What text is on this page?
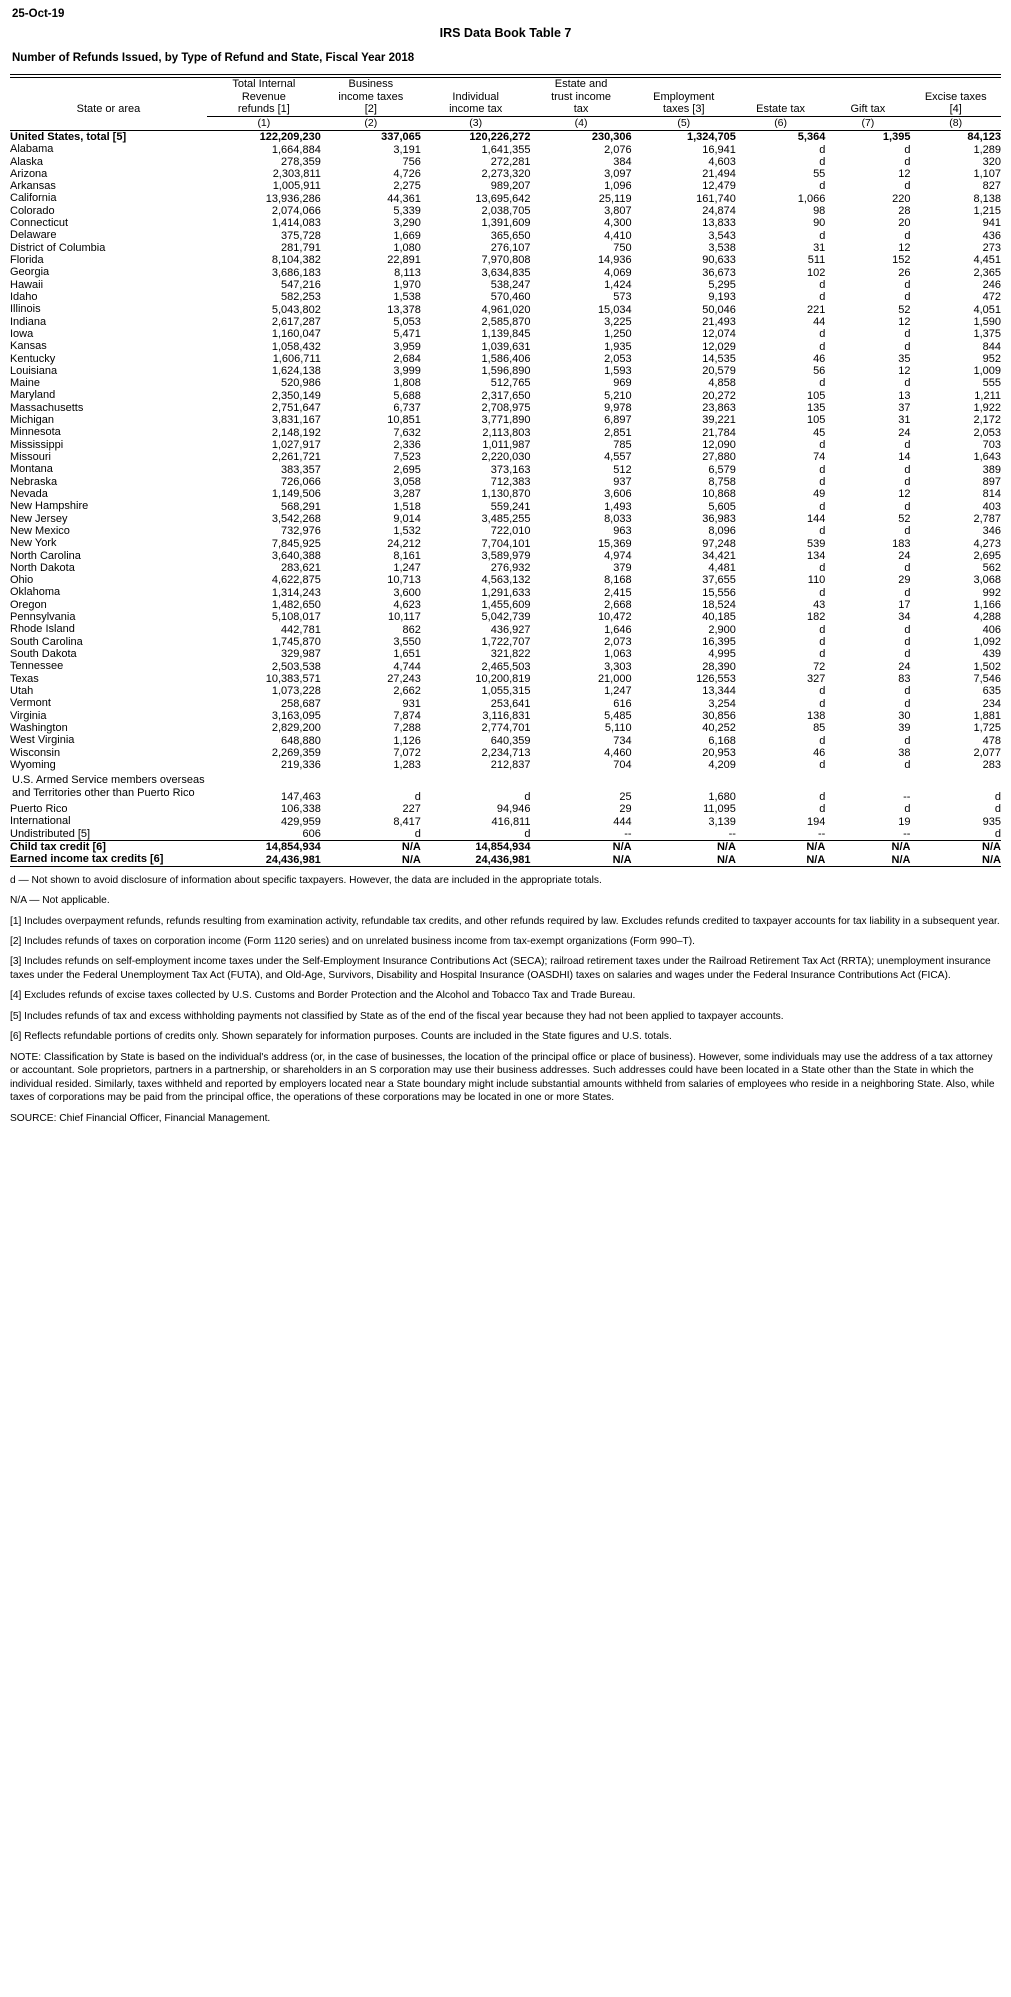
25-Oct-19
IRS Data Book Table 7
Number of Refunds Issued, by Type of Refund and State, Fiscal Year 2018

State or area	Total Internal
Revenue
refunds [1]	Business
income taxes
[2]	Individual
income tax	Estate and
trust income
tax	Employment
taxes [3]	Estate tax	Gift tax	Excise taxes
[4]

	(1)	(2)	(3)	(4)	(5)	(6)	(7)	(8)

United States, total [5]	122,209,230	337,065	120,226,272	230,306	1,324,705	5,364	1,395	84,123
Alabama	1,664,884	3,191	1,641,355	2,076	16,941	d	d	1,289
Alaska	278,359	756	272,281	384	4,603	d	d	320
Arizona	2,303,811	4,726	2,273,320	3,097	21,494	55	12	1,107
Arkansas	1,005,911	2,275	989,207	1,096	12,479	d	d	827
California	13,936,286	44,361	13,695,642	25,119	161,740	1,066	220	8,138
Colorado	2,074,066	5,339	2,038,705	3,807	24,874	98	28	1,215
Connecticut	1,414,083	3,290	1,391,609	4,300	13,833	90	20	941
Delaware	375,728	1,669	365,650	4,410	3,543	d	d	436
District of Columbia	281,791	1,080	276,107	750	3,538	31	12	273
Florida	8,104,382	22,891	7,970,808	14,936	90,633	511	152	4,451
Georgia	3,686,183	8,113	3,634,835	4,069	36,673	102	26	2,365
Hawaii	547,216	1,970	538,247	1,424	5,295	d	d	246
Idaho	582,253	1,538	570,460	573	9,193	d	d	472
Illinois	5,043,802	13,378	4,961,020	15,034	50,046	221	52	4,051
Indiana	2,617,287	5,053	2,585,870	3,225	21,493	44	12	1,590
Iowa	1,160,047	5,471	1,139,845	1,250	12,074	d	d	1,375
Kansas	1,058,432	3,959	1,039,631	1,935	12,029	d	d	844
Kentucky	1,606,711	2,684	1,586,406	2,053	14,535	46	35	952
Louisiana	1,624,138	3,999	1,596,890	1,593	20,579	56	12	1,009
Maine	520,986	1,808	512,765	969	4,858	d	d	555
Maryland	2,350,149	5,688	2,317,650	5,210	20,272	105	13	1,211
Massachusetts	2,751,647	6,737	2,708,975	9,978	23,863	135	37	1,922
Michigan	3,831,167	10,851	3,771,890	6,897	39,221	105	31	2,172
Minnesota	2,148,192	7,632	2,113,803	2,851	21,784	45	24	2,053
Mississippi	1,027,917	2,336	1,011,987	785	12,090	d	d	703
Missouri	2,261,721	7,523	2,220,030	4,557	27,880	74	14	1,643
Montana	383,357	2,695	373,163	512	6,579	d	d	389
Nebraska	726,066	3,058	712,383	937	8,758	d	d	897
Nevada	1,149,506	3,287	1,130,870	3,606	10,868	49	12	814
New Hampshire	568,291	1,518	559,241	1,493	5,605	d	d	403
New Jersey	3,542,268	9,014	3,485,255	8,033	36,983	144	52	2,787
New Mexico	732,976	1,532	722,010	963	8,096	d	d	346
New York	7,845,925	24,212	7,704,101	15,369	97,248	539	183	4,273
North Carolina	3,640,388	8,161	3,589,979	4,974	34,421	134	24	2,695
North Dakota	283,621	1,247	276,932	379	4,481	d	d	562
Ohio	4,622,875	10,713	4,563,132	8,168	37,655	110	29	3,068
Oklahoma	1,314,243	3,600	1,291,633	2,415	15,556	d	d	992
Oregon	1,482,650	4,623	1,455,609	2,668	18,524	43	17	1,166
Pennsylvania	5,108,017	10,117	5,042,739	10,472	40,185	182	34	4,288
Rhode Island	442,781	862	436,927	1,646	2,900	d	d	406
South Carolina	1,745,870	3,550	1,722,707	2,073	16,395	d	d	1,092
South Dakota	329,987	1,651	321,822	1,063	4,995	d	d	439
Tennessee	2,503,538	4,744	2,465,503	3,303	28,390	72	24	1,502
Texas	10,383,571	27,243	10,200,819	21,000	126,553	327	83	7,546
Utah	1,073,228	2,662	1,055,315	1,247	13,344	d	d	635
Vermont	258,687	931	253,641	616	3,254	d	d	234
Virginia	3,163,095	7,874	3,116,831	5,485	30,856	138	30	1,881
Washington	2,829,200	7,288	2,774,701	5,110	40,252	85	39	1,725
West Virginia	648,880	1,126	640,359	734	6,168	d	d	478
Wisconsin	2,269,359	7,072	2,234,713	4,460	20,953	46	38	2,077
Wyoming	219,336	1,283	212,837	704	4,209	d	d	283
U.S. Armed Service members overseas and Territories other than Puerto Rico	147,463	d	d	25	1,680	d	--	d
Puerto Rico	106,338	227	94,946	29	11,095	d	d	d
International	429,959	8,417	416,811	444	3,139	194	19	935
Undistributed [5]	606	d	d	--	--	--	--	d
Child tax credit [6]	14,854,934	N/A	14,854,934	N/A	N/A	N/A	N/A	N/A
Earned income tax credits [6]	24,436,981	N/A	24,436,981	N/A	N/A	N/A	N/A	N/A

d — Not shown to avoid disclosure of information about specific taxpayers. However, the data are included in the appropriate totals.

N/A — Not applicable.

[1] Includes overpayment refunds, refunds resulting from examination activity, refundable tax credits, and other refunds required by law. Excludes refunds credited to taxpayer accounts for tax liability in a subsequent year.

[2] Includes refunds of taxes on corporation income (Form 1120 series) and on unrelated business income from tax-exempt organizations (Form 990–T).

[3] Includes refunds on self-employment income taxes under the Self-Employment Insurance Contributions Act (SECA); railroad retirement taxes under the Railroad Retirement Tax Act (RRTA); unemployment insurance taxes under the Federal Unemployment Tax Act (FUTA), and Old-Age, Survivors, Disability and Hospital Insurance (OASDHI) taxes on salaries and wages under the Federal Insurance Contributions Act (FICA).

[4] Excludes refunds of excise taxes collected by U.S. Customs and Border Protection and the Alcohol and Tobacco Tax and Trade Bureau.

[5] Includes refunds of tax and excess withholding payments not classified by State as of the end of the fiscal year because they had not been applied to taxpayer accounts.

[6] Reflects refundable portions of credits only. Shown separately for information purposes. Counts are included in the State figures and U.S. totals.

NOTE: Classification by State is based on the individual's address (or, in the case of businesses, the location of the principal office or place of business). However, some individuals may use the address of a tax attorney or accountant. Sole proprietors, partners in a partnership, or shareholders in an S corporation may use their business addresses. Such addresses could have been located in a State other than the State in which the individual resided. Similarly, taxes withheld and reported by employers located near a State boundary might include substantial amounts withheld from salaries of employees who reside in a neighboring State. Also, while taxes of corporations may be paid from the principal office, the operations of these corporations may be located in one or more States.

SOURCE: Chief Financial Officer, Financial Management.
